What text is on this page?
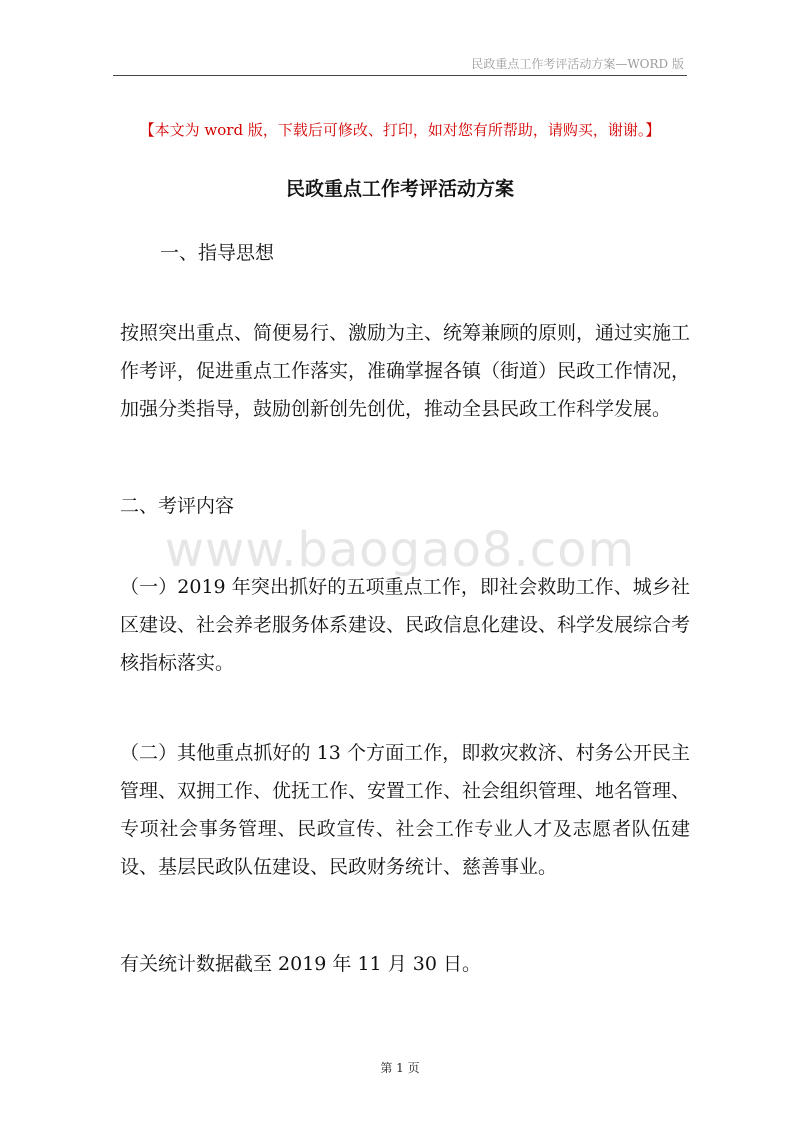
民政重点工作考评活动方案—WORD 版
【本文为 word 版，下载后可修改、打印，如对您有所帮助，请购买，谢谢。】
民政重点工作考评活动方案
一、指导思想

按照突出重点、简便易行、激励为主、统筹兼顾的原则，通过实施工作考评，促进重点工作落实，准确掌握各镇（街道）民政工作情况，加强分类指导，鼓励创新创先创优，推动全县民政工作科学发展。

二、考评内容
www.baogao8.com

（一）2019 年突出抓好的五项重点工作，即社会救助工作、城乡社区建设、社会养老服务体系建设、民政信息化建设、科学发展综合考核指标落实。

（二）其他重点抓好的 13 个方面工作，即救灾救济、村务公开民主管理、双拥工作、优抚工作、安置工作、社会组织管理、地名管理、专项社会事务管理、民政宣传、社会工作专业人才及志愿者队伍建设、基层民政队伍建设、民政财务统计、慈善事业。

有关统计数据截至 2019 年 11 月 30 日。

第 1 页
